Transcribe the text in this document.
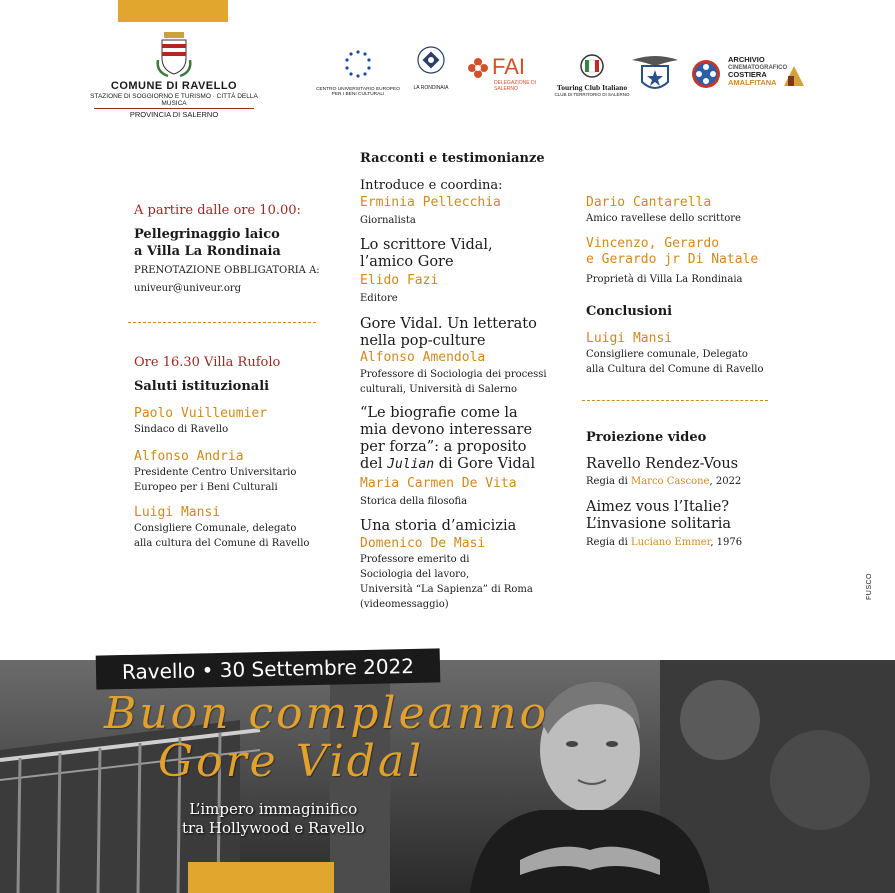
COMUNE DI RAVELLO
STAZIONE DI SOGGIORNO E TURISMO · CITTÀ DELLA MUSICA
PROVINCIA DI SALERNO
CENTRO UNIVERSITARIO EUROPEO PER I BENI CULTURALI
LA RONDINAIA
FAI
DELEGAZIONE DI SALERNO	Touring Club Italiano
CLUB DI TERRITORIO DI SALERNO
ARCHIVIO
CINEMATOGRAFICO
COSTIERA
AMALFITANA
A partire dalle ore 10.00:
Pellegrinaggio laico
a Villa La Rondinaia
PRENOTAZIONE OBBLIGATORIA A:
univeur@univeur.org
Ore 16.30 Villa Rufolo
Saluti istituzionali
Paolo Vuilleumier
Sindaco di Ravello
Alfonso Andria
Presidente Centro Universitario
Europeo per i Beni Culturali
Luigi Mansi
Consigliere Comunale, delegato
alla cultura del Comune di Ravello
Racconti e testimonianze
Introduce e coordina:
Erminia Pellecchia
Giornalista
Lo scrittore Vidal,
l’amico Gore
Elido Fazi
Editore
Gore Vidal. Un letterato
nella pop-culture
Alfonso Amendola
Professore di Sociologia dei processi
culturali, Università di Salerno
“Le biografie come la
mia devono interessare
per forza”: a proposito
del Julian di Gore Vidal
Maria Carmen De Vita
Storica della filosofia
Una storia d’amicizia
Domenico De Masi
Professore emerito di
Sociologia del lavoro,
Università “La Sapienza” di Roma
(videomessaggio)
Dario Cantarella
Amico ravellese dello scrittore
Vincenzo, Gerardo
e Gerardo jr Di Natale
Proprietà di Villa La Rondinaia
Conclusioni
Luigi Mansi
Consigliere comunale, Delegato
alla Cultura del Comune di Ravello
Proiezione video
Ravello Rendez-Vous
Regia di Marco Cascone, 2022
Aimez vous l’Italie?
L’invasione solitaria
Regia di Luciano Emmer, 1976
FUSCO
Ravello • 30 Settembre 2022
Buon compleanno
Gore Vidal
L’impero immaginifico
tra Hollywood e Ravello
